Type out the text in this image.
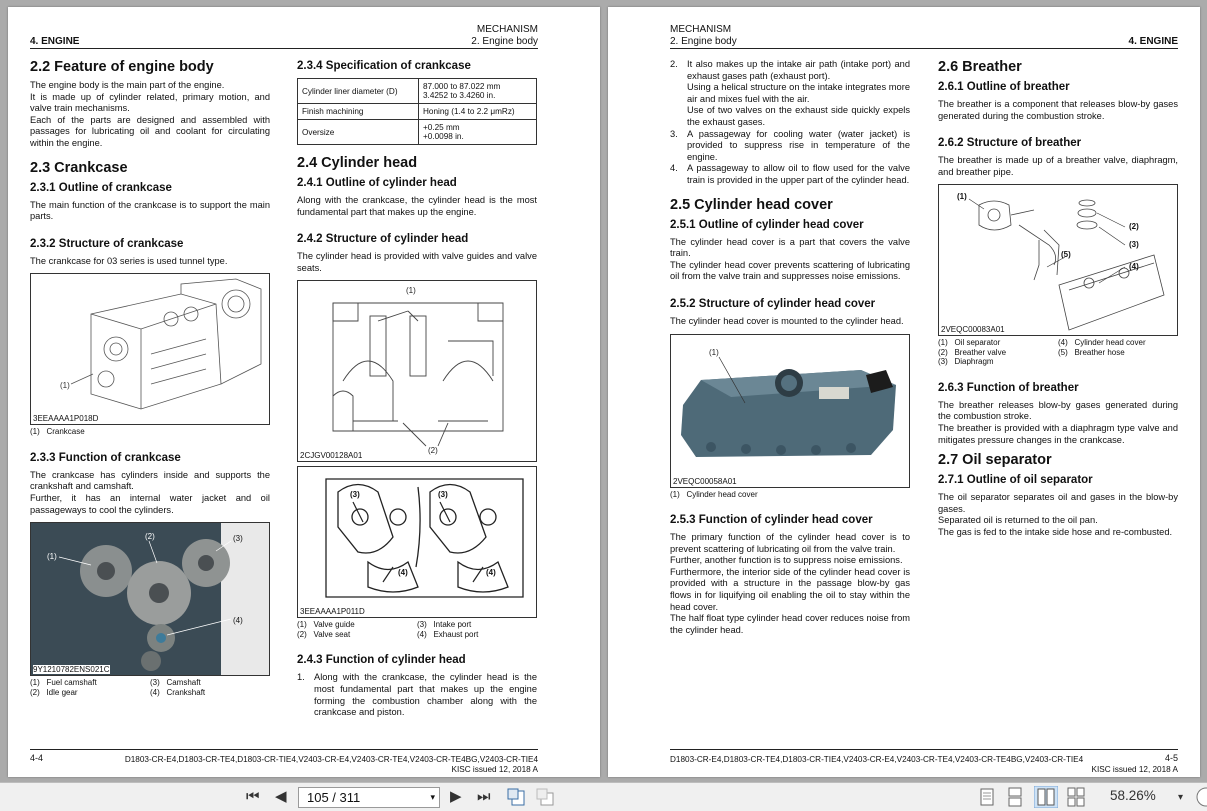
4. ENGINE
MECHANISM
2. Engine body
2.2 Feature of engine body

The engine body is the main part of the engine.

It is made up of cylinder related, primary motion, and valve train mechanisms.

Each of the parts are designed and assembled with passages for lubricating oil and coolant for circulating within the engine.

2.3 Crankcase
2.3.1 Outline of crankcase

The main function of the crankcase is to support the main parts.

2.3.2 Structure of crankcase

The crankcase for 03 series is used tunnel type.

(1)
3EEAAAA1P018D
(1) Crankcase
2.3.3 Function of crankcase

The crankcase has cylinders inside and supports the crankshaft and camshaft.

Further, it has an internal water jacket and oil passageways to cool the cylinders.

(1)
(2)	(3)
(4)
9Y1210782ENS021C
(1) Fuel camshaft	(3) Camshaft
(2) Idle gear	(4) Crankshaft
2.3.4 Specification of crankcase
Cylinder liner diameter (D)	87.000 to 87.022 mm
3.4252 to 3.4260 in.

Finish machining	Honing (1.4 to 2.2 μmRz)
Oversize	+0.25 mm
+0.0098 in.
2.4 Cylinder head
2.4.1 Outline of cylinder head

Along with the crankcase, the cylinder head is the most fundamental part that makes up the engine.

2.4.2 Structure of cylinder head

The cylinder head is provided with valve guides and valve seats.

(1)
(2)
2CJGV00128A01
(3)	(3)
(4)	(4)
3EEAAAA1P011D
(1) Valve guide	(3) Intake port
(2) Valve seat	(4) Exhaust port
2.4.3 Function of cylinder head
1. Along with the crankcase, the cylinder head is the most fundamental part that makes up the engine forming the combustion chamber along with the crankcase and piston.
4-4	D1803-CR-E4,D1803-CR-TE4,D1803-CR-TIE4,V2403-CR-E4,V2403-CR-TE4,V2403-CR-TE4BG,V2403-CR-TIE4
KISC issued 12, 2018 A
MECHANISM
2. Engine body	4. ENGINE
2. It also makes up the intake air path (intake port) and exhaust gases path (exhaust port).
Using a helical structure on the intake integrates more air and mixes fuel with the air.
Use of two valves on the exhaust side quickly expels the exhaust gases.
3. A passageway for cooling water (water jacket) is provided to suppress rise in temperature of the engine.
4. A passageway to allow oil to flow used for the valve train is provided in the upper part of the cylinder head.
2.5 Cylinder head cover
2.5.1 Outline of cylinder head cover

The cylinder head cover is a part that covers the valve train.

The cylinder head cover prevents scattering of lubricating oil from the valve train and suppresses noise emissions.

2.5.2 Structure of cylinder head cover

The cylinder head cover is mounted to the cylinder head.

(1)
2VEQC00058A01
(1) Cylinder head cover
2.5.3 Function of cylinder head cover

The primary function of the cylinder head cover is to prevent scattering of lubricating oil from the valve train.

Further, another function is to suppress noise emissions.

Furthermore, the interior side of the cylinder head cover is provided with a structure in the passage blow-by gas flows in for liquifying oil enabling the oil to stay within the head cover.

The half float type cylinder head cover reduces noise from the cylinder head.

2.6 Breather
2.6.1 Outline of breather

The breather is a component that releases blow-by gases generated during the combustion stroke.

2.6.2 Structure of breather

The breather is made up of a breather valve, diaphragm, and breather pipe.

(1)
(2)
(3)
(5)
(4)
2VEQC00083A01
(1) Oil separator	(4) Cylinder head cover
(2) Breather valve	(5) Breather hose
(3) Diaphragm
2.6.3 Function of breather

The breather releases blow-by gases generated during the combustion stroke.

The breather is provided with a diaphragm type valve and mitigates pressure changes in the crankcase.

2.7 Oil separator
2.7.1 Outline of oil separator

The oil separator separates oil and gases in the blow-by gases.

Separated oil is returned to the oil pan.

The gas is fed to the intake side hose and re-combusted.

D1803-CR-E4,D1803-CR-TE4,D1803-CR-TIE4,V2403-CR-E4,V2403-CR-TE4,V2403-CR-TE4BG,V2403-CR-TIE4	4-5
KISC issued 12, 2018 A
⏮ ◀ 105 / 311	▾ ▶ ⏭	58.26% ▾
